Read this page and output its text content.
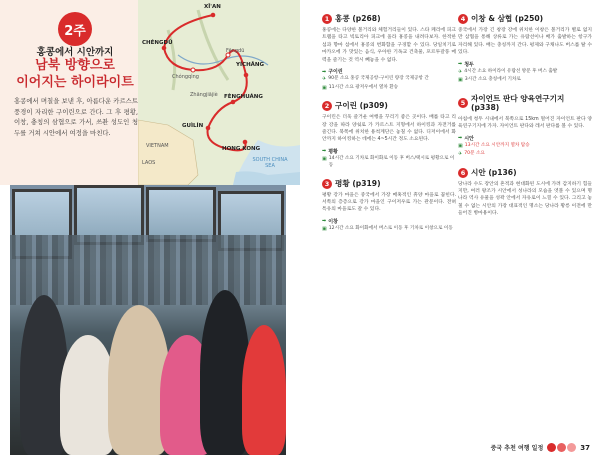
2주
홍콩에서 시안까지
남북 방향으로
이어지는 하이라이트
홍콩에서 며칠을 보낸 후, 아름다운 카르스트 풍경이 자리한 구이린으로 간다. 그 후 평황, 이창, 충칭의 삼협으로 가서, 쓰촨 성도인 청두를 거쳐 시안에서 여정을 마친다.
XĪ'AN
CHÉNGDŪ
YÍCHĀNG
FÈNGHUÁNG
GUÌLÍN
HONG KONG
Fēngdū
Chóngqìng
Zhāngjiājiè
VIETNAM
LAOS	SOUTH CHINA SEA
1 홍콩 (p268)
홍콩에는 다양한 볼거리와 체험거리들이 있다. 스타 페리에 피크 트램을 타고 빅토리아 피크에 올라 홍콩을 내려다보자. 한적한 섬과 향마 섬에서 홍콩의 번화함을 구경할 수 있다. 당일치기로 마카오에 가 맛있는 음식, 우아한 기독교 건축물, 포르투갈풍 매력을 즐기는 것 역시 빼놓을 수 없다.
➡ 구이린
✈ 90분 소요 홍콩 국제공항-구이린 량장 국제공항 간
▣ 11시간 소요 광저우에서 열차 환승
2 구이린 (p309)
구이린은 더욱 즐거운 여행을 꾸리기 좋은 곳이다. 배를 타고 리장 강을 따라 양숴로 가 카르스트 지형에서 하이킹과 자전거를 즐긴다. 북쪽에 위치한 용척계단은 놓칠 수 없다. 디저이에서 화안까지 하이킹하는 데에는 4~5시간 정도 소요된다.
➡ 평황
▣ 14시간 소요 기차로 화이화로 이동 후 버스/택시로 평황으로 이동
3 평황 (p319)
평황 강가 마을은 중국에서 가장 매혹적인 휴양 마을로 꼽힌다. 서쪽의 층층으로 강가 마을인 구이저우로 가는 관문이다. 전혀 특유의 마을로도 갈 수 있다.
➡ 이창
▣ 12시간 소요 화이화에서 버스로 이동 후 기차로 이창으로 이동
4 이창 & 삼협 (p250)
중국에서 가장 긴 창장 강에 위치한 이창은 볼거리가 별로 없지만 삼협을 통해 상류로 가는 유람선이나 배가 출발하는 항구가 자리해 있다. 배는 충칭까지 간다. 평제와 구채나도 버스를 탈 수 있다.
➡ 청두
✈ 4시간 소요 하이라이 유람선 방문 후 버스 출발
▣ 3시간 소요 충칭에서 기차로
5
자이언트 판다 양육연구기지 (p338)
아침에 청두 시내에서 북쪽으로 15km 떨어진 자이언트 판다 양육연구기지에 가자. 자이언트 판다와 레서 판다를 볼 수 있다.
➡ 시안
▣ 13시간 소요 시안까지 열차 탑승
✈ 70분 소요
6 시안 (p136)
당나라 수도 장안의 흔적과 현대화된 도시에 가려 감지하기 힘들지만, 여러 왕조가 시안에서 성나라의 모습을 엿볼 수 있으며 명나라 역사 유물을 성곽 안에서 자유로이 느낄 수 있다. 그리고 놓칠 수 없는 시안의 가장 대표적인 명소는 당나라 황릉 이전에 만들어진 병마용이다.
중국 추천 여행 일정	37
